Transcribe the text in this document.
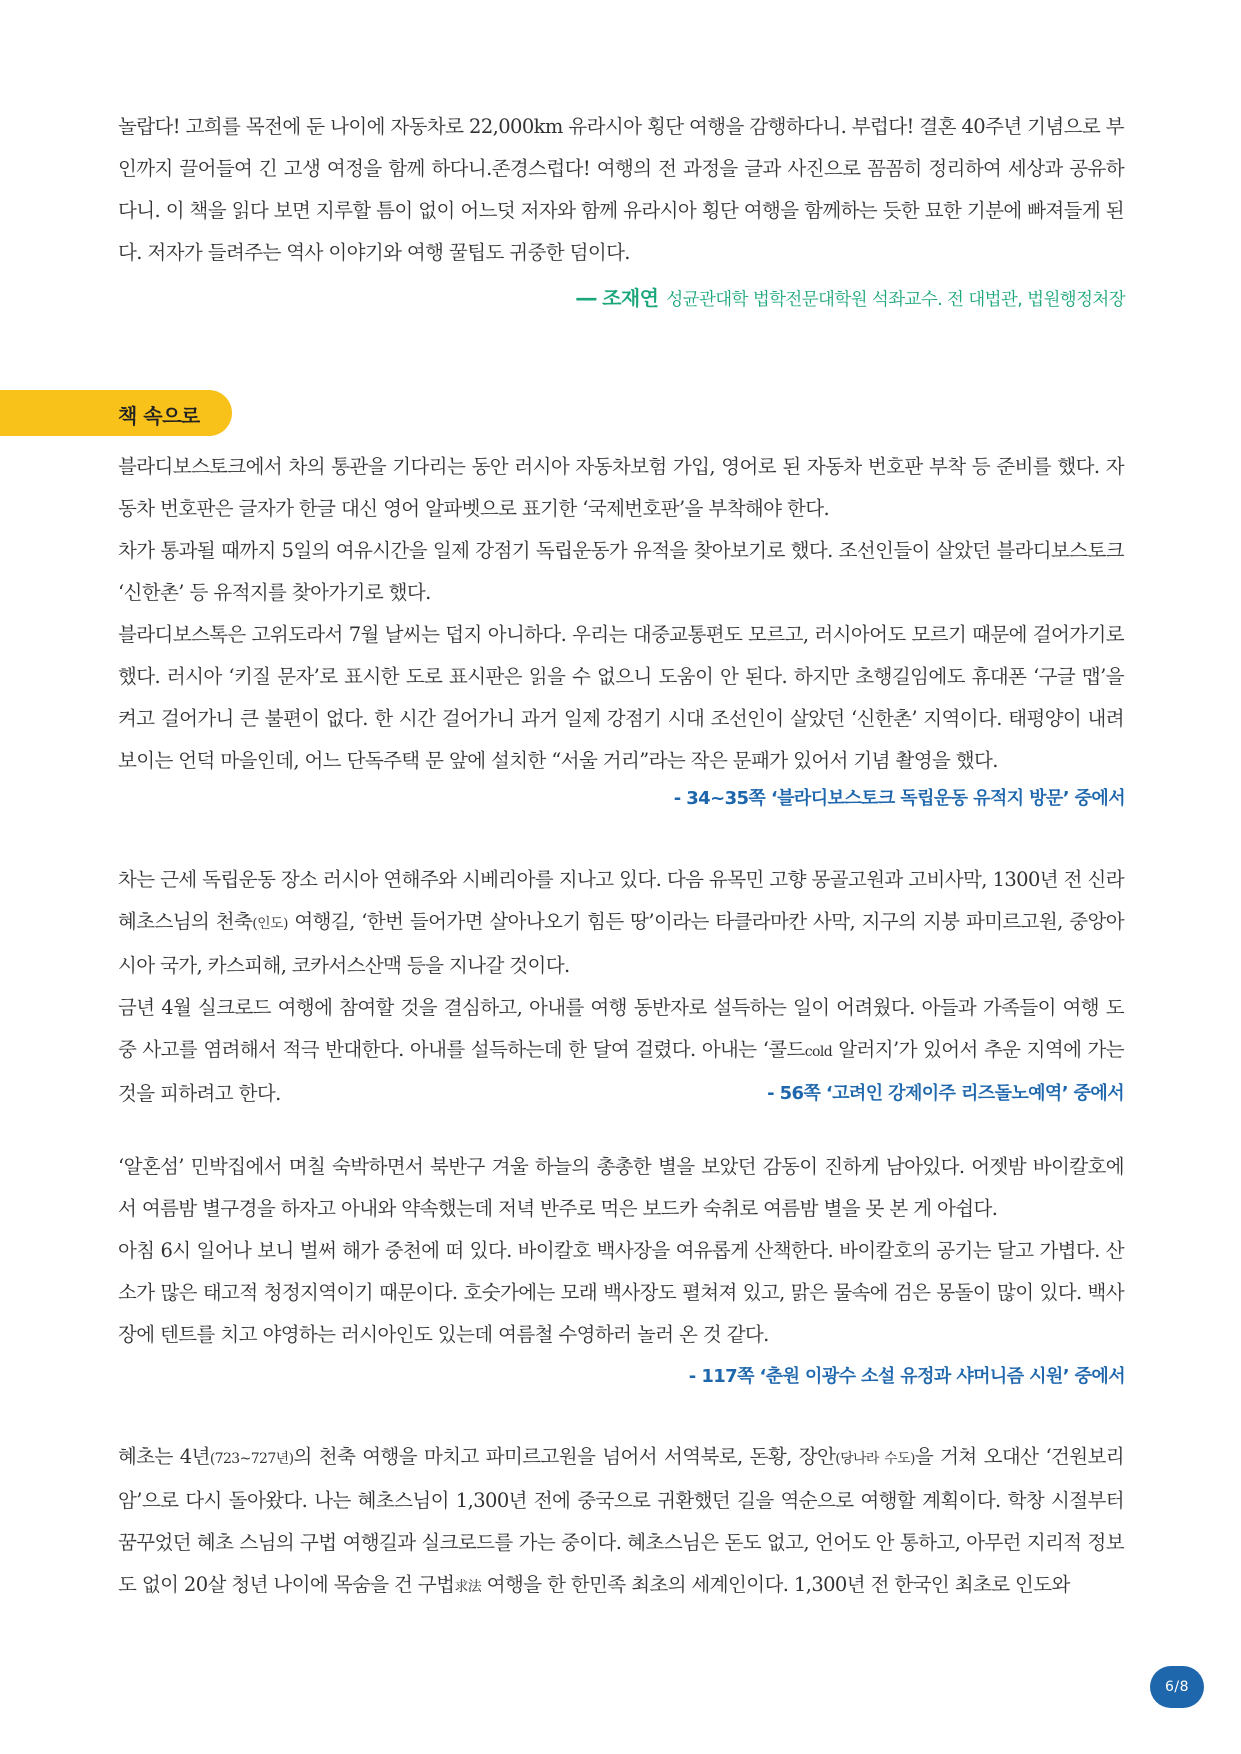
놀랍다! 고희를 목전에 둔 나이에 자동차로 22,000km 유라시아 횡단 여행을 감행하다니. 부럽다! 결혼 40주년 기념으로 부인까지 끌어들여 긴 고생 여정을 함께 하다니.존경스럽다! 여행의 전 과정을 글과 사진으로 꼼꼼히 정리하여 세상과 공유하다니. 이 책을 읽다 보면 지루할 틈이 없이 어느덧 저자와 함께 유라시아 횡단 여행을 함께하는 듯한 묘한 기분에 빠져들게 된다. 저자가 들려주는 역사 이야기와 여행 꿀팁도 귀중한 덤이다.

― 조재연 성균관대학 법학전문대학원 석좌교수. 전 대법관, 법원행정처장
책 속으로

블라디보스토크에서 차의 통관을 기다리는 동안 러시아 자동차보험 가입, 영어로 된 자동차 번호판 부착 등 준비를 했다. 자동차 번호판은 글자가 한글 대신 영어 알파벳으로 표기한 ‘국제번호판’을 부착해야 한다.

차가 통과될 때까지 5일의 여유시간을 일제 강점기 독립운동가 유적을 찾아보기로 했다. 조선인들이 살았던 블라디보스토크 ‘신한촌’ 등 유적지를 찾아가기로 했다.

블라디보스톡은 고위도라서 7월 날씨는 덥지 아니하다. 우리는 대중교통편도 모르고, 러시아어도 모르기 때문에 걸어가기로 했다. 러시아 ‘키질 문자’로 표시한 도로 표시판은 읽을 수 없으니 도움이 안 된다. 하지만 초행길임에도 휴대폰 ‘구글 맵’을 켜고 걸어가니 큰 불편이 없다. 한 시간 걸어가니 과거 일제 강점기 시대 조선인이 살았던 ‘신한촌’ 지역이다. 태평양이 내려 보이는 언덕 마을인데, 어느 단독주택 문 앞에 설치한 “서울 거리”라는 작은 문패가 있어서 기념 촬영을 했다.

- 34~35쪽 ‘블라디보스토크 독립운동 유적지 방문’ 중에서

차는 근세 독립운동 장소 러시아 연해주와 시베리아를 지나고 있다. 다음 유목민 고향 몽골고원과 고비사막, 1300년 전 신라 혜초스님의 천축(인도) 여행길, ‘한번 들어가면 살아나오기 힘든 땅’이라는 타클라마칸 사막, 지구의 지붕 파미르고원, 중앙아시아 국가, 카스피해, 코카서스산맥 등을 지나갈 것이다.

금년 4월 실크로드 여행에 참여할 것을 결심하고, 아내를 여행 동반자로 설득하는 일이 어려웠다. 아들과 가족들이 여행 도중 사고를 염려해서 적극 반대한다. 아내를 설득하는데 한 달여 걸렸다. 아내는 ‘콜드cold 알러지’가 있어서 추운 지역에 가는 것을 피하려고 한다.	- 56쪽 ‘고려인 강제이주 리즈돌노예역’ 중에서

‘알혼섬’ 민박집에서 며칠 숙박하면서 북반구 겨울 하늘의 총총한 별을 보았던 감동이 진하게 남아있다. 어젯밤 바이칼호에서 여름밤 별구경을 하자고 아내와 약속했는데 저녁 반주로 먹은 보드카 숙취로 여름밤 별을 못 본 게 아쉽다.

아침 6시 일어나 보니 벌써 해가 중천에 떠 있다. 바이칼호 백사장을 여유롭게 산책한다. 바이칼호의 공기는 달고 가볍다. 산소가 많은 태고적 청정지역이기 때문이다. 호숫가에는 모래 백사장도 펼쳐져 있고, 맑은 물속에 검은 몽돌이 많이 있다. 백사장에 텐트를 치고 야영하는 러시아인도 있는데 여름철 수영하러 놀러 온 것 같다.

- 117쪽 ‘춘원 이광수 소설 유정과 샤머니즘 시원’ 중에서

혜초는 4년(723~727년)의 천축 여행을 마치고 파미르고원을 넘어서 서역북로, 돈황, 장안(당나라 수도)을 거쳐 오대산 ‘건원보리암’으로 다시 돌아왔다. 나는 혜초스님이 1,300년 전에 중국으로 귀환했던 길을 역순으로 여행할 계획이다. 학창 시절부터 꿈꾸었던 혜초 스님의 구법 여행길과 실크로드를 가는 중이다. 혜초스님은 돈도 없고, 언어도 안 통하고, 아무런 지리적 정보도 없이 20살 청년 나이에 목숨을 건 구법求法 여행을 한 한민족 최초의 세계인이다. 1,300년 전 한국인 최초로 인도와

6/8
